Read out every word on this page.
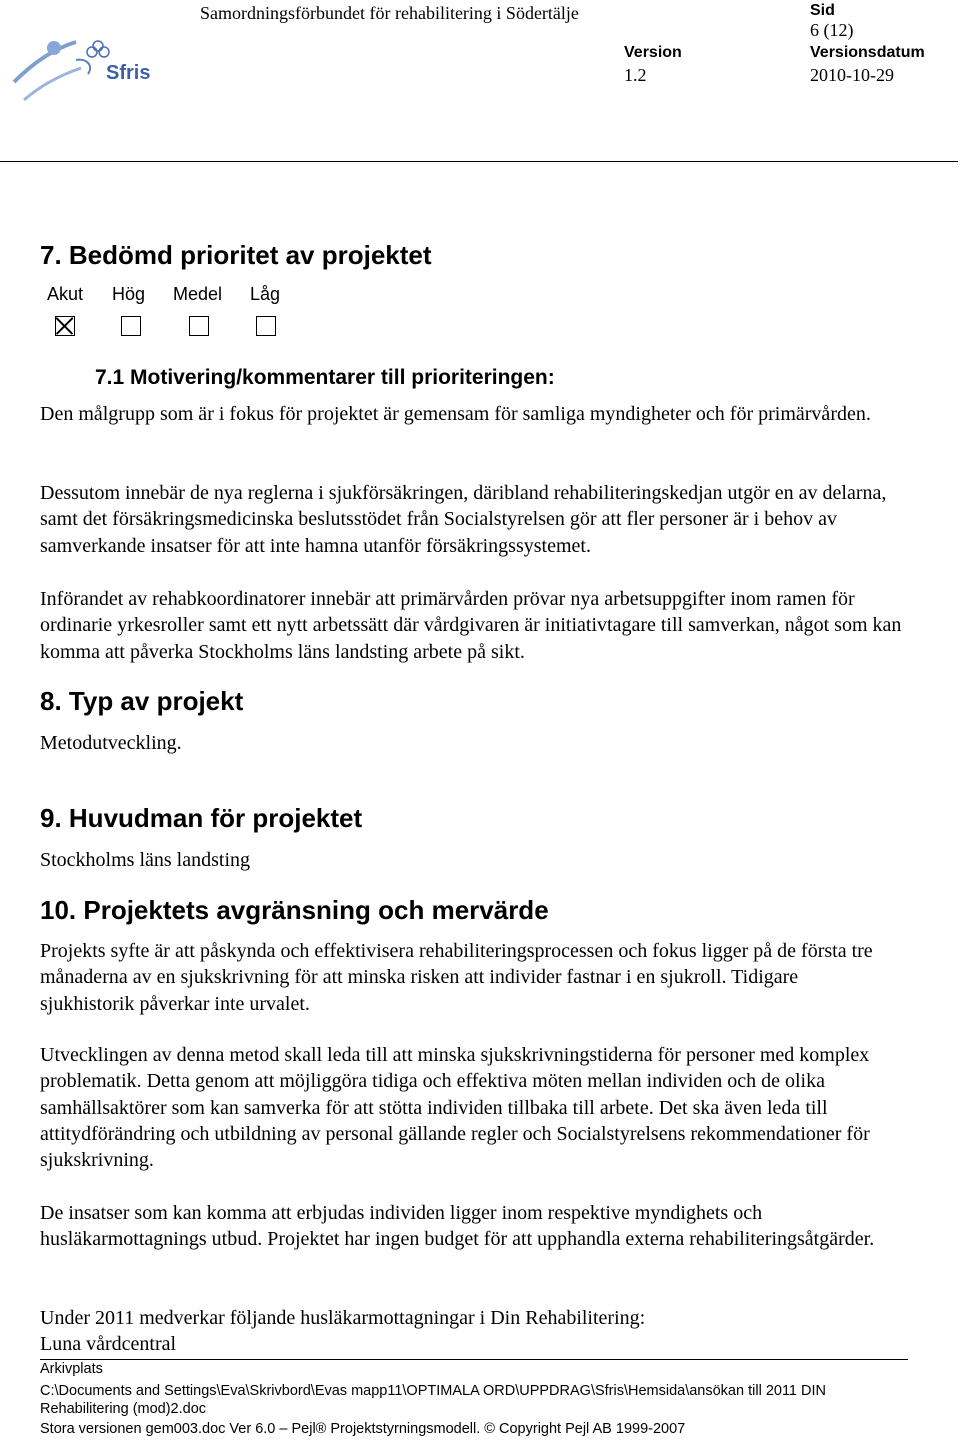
Sfris
Samordningsförbundet för rehabilitering i Södertälje	Sid
6 (12)
Version	Versionsdatum
1.2	2010-10-29
7. Bedömd prioritet av projektet
Akut Hög Medel Låg
7.1 Motivering/kommentarer till prioriteringen:
Den målgrupp som är i fokus för projektet är gemensam för samliga myndigheter och för primärvården.
Dessutom innebär de nya reglerna i sjukförsäkringen, däribland rehabiliteringskedjan utgör en av delarna, samt det försäkringsmedicinska beslutsstödet från Socialstyrelsen gör att fler personer är i behov av samverkande insatser för att inte hamna utanför försäkringssystemet.
Införandet av rehabkoordinatorer innebär att primärvården prövar nya arbetsuppgifter inom ramen för ordinarie yrkesroller samt ett nytt arbetssätt där vårdgivaren är initiativtagare till samverkan, något som kan komma att påverka Stockholms läns landsting arbete på sikt.
8. Typ av projekt
Metodutveckling.
9. Huvudman för projektet
Stockholms läns landsting
10. Projektets avgränsning och mervärde
Projekts syfte är att påskynda och effektivisera rehabiliteringsprocessen och fokus ligger på de första tre månaderna av en sjukskrivning för att minska risken att individer fastnar i en sjukroll. Tidigare sjukhistorik påverkar inte urvalet.
Utvecklingen av denna metod skall leda till att minska sjukskrivningstiderna för personer med komplex problematik. Detta genom att möjliggöra tidiga och effektiva möten mellan individen och de olika samhällsaktörer som kan samverka för att stötta individen tillbaka till arbete. Det ska även leda till attitydförändring och utbildning av personal gällande regler och Socialstyrelsens rekommendationer för sjukskrivning.
De insatser som kan komma att erbjudas individen ligger inom respektive myndighets och husläkarmottagnings utbud. Projektet har ingen budget för att upphandla externa rehabiliteringsåtgärder.
Under 2011 medverkar följande husläkarmottagningar i Din Rehabilitering:
Luna vårdcentral
Arkivplats
C:\Documents and Settings\Eva\Skrivbord\Evas mapp11\OPTIMALA ORD\UPPDRAG\Sfris\Hemsida\ansökan till 2011 DIN
Rehabilitering (mod)2.doc
Stora versionen gem003.doc Ver 6.0 – Pejl® Projektstyrningsmodell. © Copyright Pejl AB 1999-2007
